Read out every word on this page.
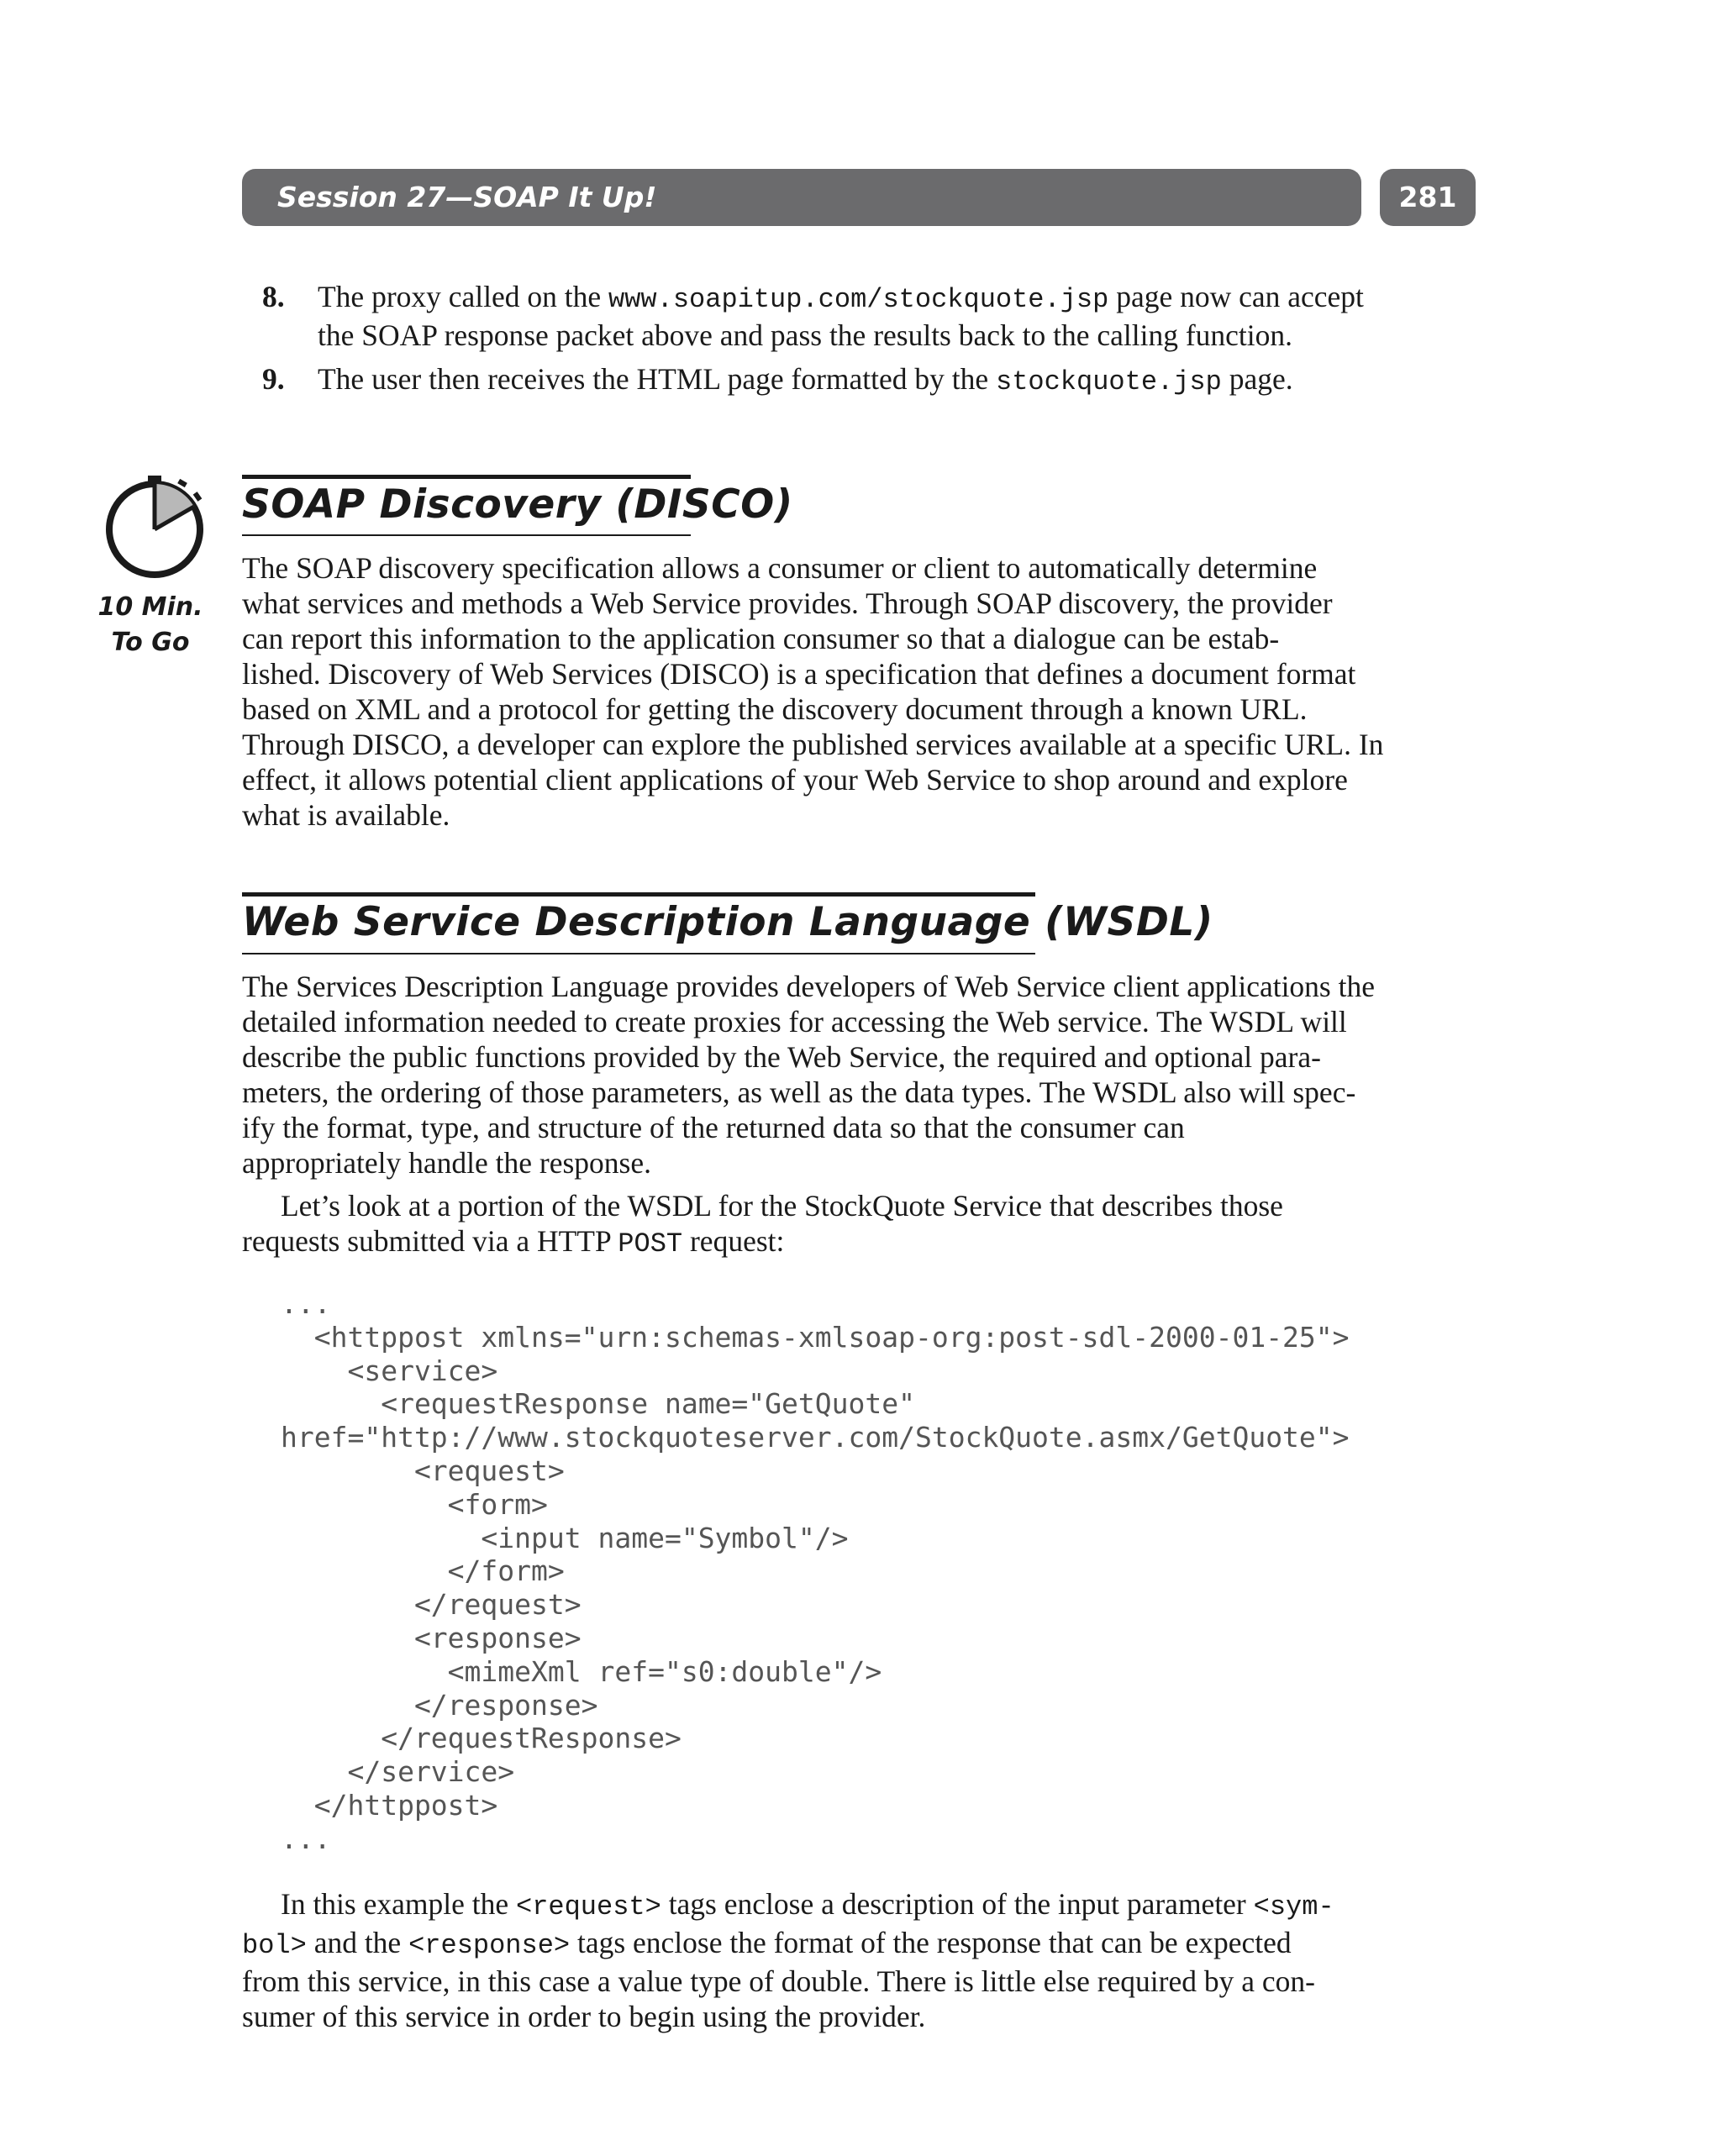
Session 27—SOAP It Up!	281
8. The proxy called on the www.soapitup.com/stockquote.jsp page now can accept
the SOAP response packet above and pass the results back to the calling function.
9. The user then receives the HTML page formatted by the stockquote.jsp page.
10 Min.
To Go
SOAP Discovery (DISCO)
The SOAP discovery specification allows a consumer or client to automatically determine
what services and methods a Web Service provides. Through SOAP discovery, the provider
can report this information to the application consumer so that a dialogue can be estab-
lished. Discovery of Web Services (DISCO) is a specification that defines a document format
based on XML and a protocol for getting the discovery document through a known URL.
Through DISCO, a developer can explore the published services available at a specific URL. In
effect, it allows potential client applications of your Web Service to shop around and explore
what is available.
Web Service Description Language (WSDL)
The Services Description Language provides developers of Web Service client applications the
detailed information needed to create proxies for accessing the Web service. The WSDL will
describe the public functions provided by the Web Service, the required and optional para-
meters, the ordering of those parameters, as well as the data types. The WSDL also will spec-
ify the format, type, and structure of the returned data so that the consumer can
appropriately handle the response.
Let’s look at a portion of the WSDL for the StockQuote Service that describes those
requests submitted via a HTTP POST request:
...
<httppost xmlns="urn:schemas-xmlsoap-org:post-sdl-2000-01-25">
<service>
<requestResponse name="GetQuote"
href="http://www.stockquoteserver.com/StockQuote.asmx/GetQuote">
<request>
<form>
<input name="Symbol"/>
</form>
</request>
<response>
<mimeXml ref="s0:double"/>
</response>
</requestResponse>
</service>
</httppost>
...
In this example the <request> tags enclose a description of the input parameter <sym-
bol> and the <response> tags enclose the format of the response that can be expected
from this service, in this case a value type of double. There is little else required by a con-
sumer of this service in order to begin using the provider.
